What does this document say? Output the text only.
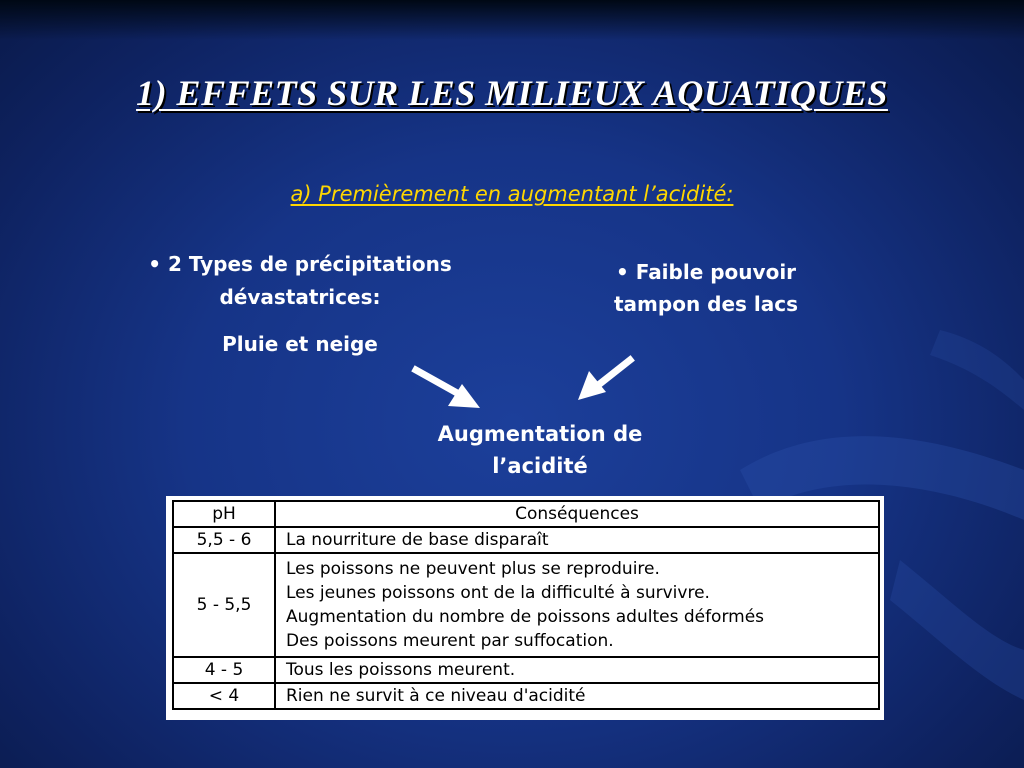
1) EFFETS SUR LES MILIEUX AQUATIQUES
a) Premièrement en augmentant l’acidité:
• 2 Types de précipitations
dévastatrices:
Pluie et neige
• Faible pouvoir
tampon des lacs
Augmentation de
l’acidité
pH	Conséquences
5,5 - 6	La nourriture de base disparaît

5 - 5,5	Les poissons ne peuvent plus se reproduire.
Les jeunes poissons ont de la difficulté à survivre.
Augmentation du nombre de poissons adultes déformés
Des poissons meurent par suffocation.

4 - 5	Tous les poissons meurent.

< 4	Rien ne survit à ce niveau d'acidité
